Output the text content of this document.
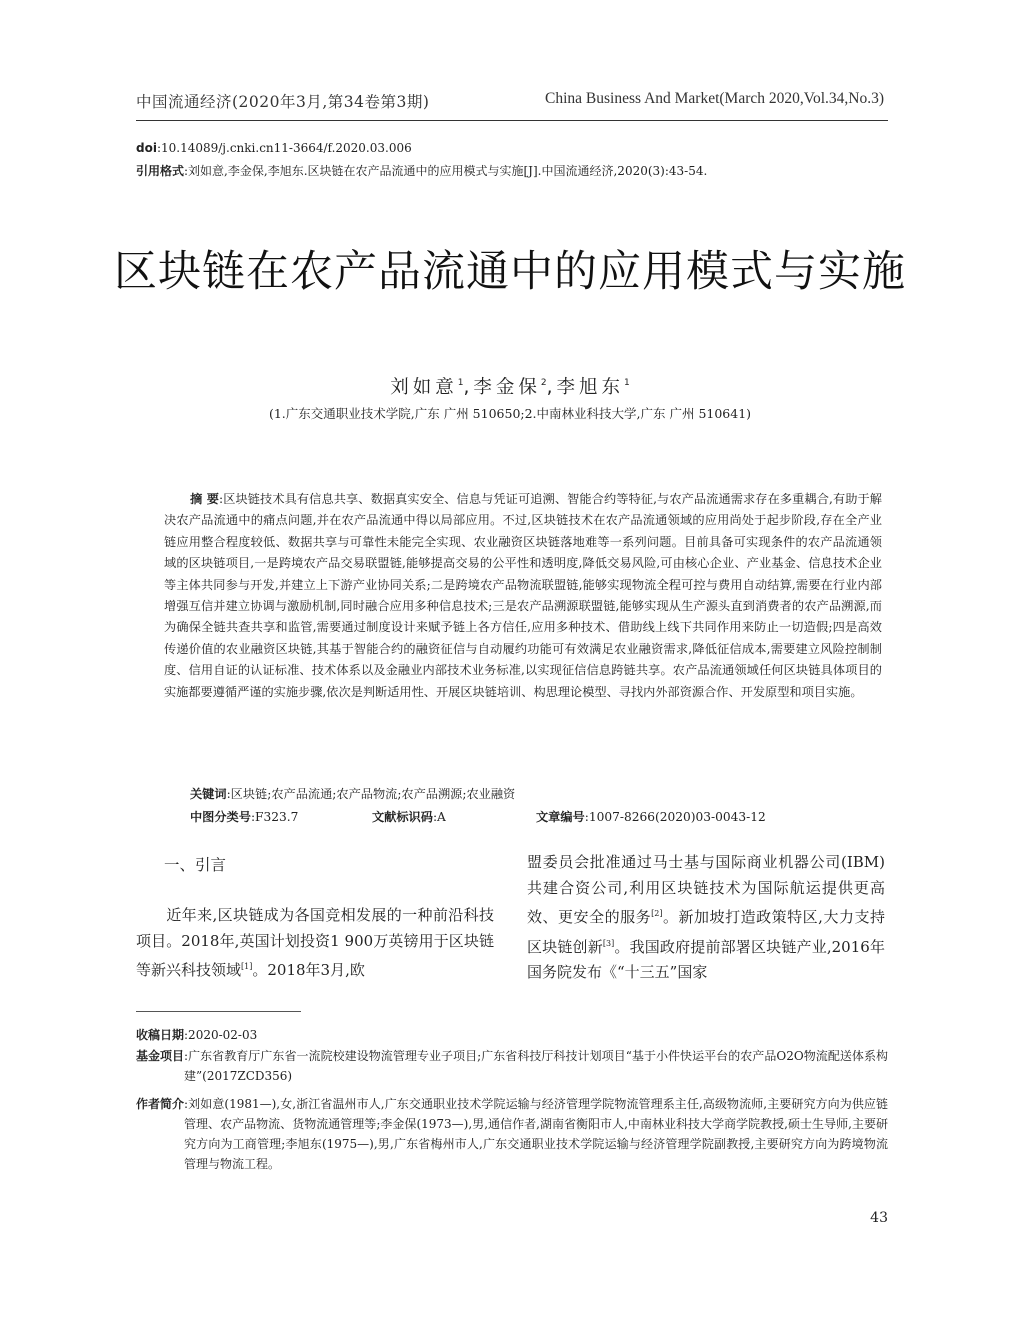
中国流通经济(2020年3月,第34卷第3期)	China Business And Market(March 2020,Vol.34,No.3)
doi:10.14089/j.cnki.cn11-3664/f.2020.03.006
引用格式:刘如意,李金保,李旭东.区块链在农产品流通中的应用模式与实施[J].中国流通经济,2020(3):43-54.
区块链在农产品流通中的应用模式与实施
刘如意$^1$,李金保$^2$,李旭东$^1$
(1.广东交通职业技术学院,广东 广州 510650;2.中南林业科技大学,广东 广州 510641)
摘 要:区块链技术具有信息共享、数据真实安全、信息与凭证可追溯、智能合约等特征,与农产品流通需求存在多重耦合,有助于解决农产品流通中的痛点问题,并在农产品流通中得以局部应用。不过,区块链技术在农产品流通领域的应用尚处于起步阶段,存在全产业链应用整合程度较低、数据共享与可靠性未能完全实现、农业融资区块链落地难等一系列问题。目前具备可实现条件的农产品流通领域的区块链项目,一是跨境农产品交易联盟链,能够提高交易的公平性和透明度,降低交易风险,可由核心企业、产业基金、信息技术企业等主体共同参与开发,并建立上下游产业协同关系;二是跨境农产品物流联盟链,能够实现物流全程可控与费用自动结算,需要在行业内部增强互信并建立协调与激励机制,同时融合应用多种信息技术;三是农产品溯源联盟链,能够实现从生产源头直到消费者的农产品溯源,而为确保全链共查共享和监管,需要通过制度设计来赋予链上各方信任,应用多种技术、借助线上线下共同作用来防止一切造假;四是高效传递价值的农业融资区块链,其基于智能合约的融资征信与自动履约功能可有效满足农业融资需求,降低征信成本,需要建立风险控制制度、信用自证的认证标准、技术体系以及金融业内部技术业务标准,以实现征信信息跨链共享。农产品流通领域任何区块链具体项目的实施都要遵循严谨的实施步骤,依次是判断适用性、开展区块链培训、构思理论模型、寻找内外部资源合作、开发原型和项目实施。
关键词:区块链;农产品流通;农产品物流;农产品溯源;农业融资
中图分类号:F323.7	文献标识码:A	文章编号:1007-8266(2020)03-0043-12
一、引言

近年来,区块链成为各国竞相发展的一种前沿科技项目。2018年,英国计划投资1 900万英镑用于区块链等新兴科技领域[1]。2018年3月,欧

盟委员会批准通过马士基与国际商业机器公司(IBM)共建合资公司,利用区块链技术为国际航运提供更高效、更安全的服务[2]。新加坡打造政策特区,大力支持区块链创新[3]。我国政府提前部署区块链产业,2016年国务院发布《“十三五”国家

收稿日期 :2020-02-03
基金项目 :广东省教育厅广东省一流院校建设物流管理专业子项目;广东省科技厅科技计划项目“基于小件快运平台的农产品O2O物流配送体系构建”(2017ZCD356)
作者简介 :刘如意(1981—),女,浙江省温州市人,广东交通职业技术学院运输与经济管理学院物流管理系主任,高级物流师,主要研究方向为供应链管理、农产品物流、货物流通管理等;李金保(1973—),男,通信作者,湖南省衡阳市人,中南林业科技大学商学院教授,硕士生导师,主要研究方向为工商管理;李旭东(1975—),男,广东省梅州市人,广东交通职业技术学院运输与经济管理学院副教授,主要研究方向为跨境物流管理与物流工程。
43
